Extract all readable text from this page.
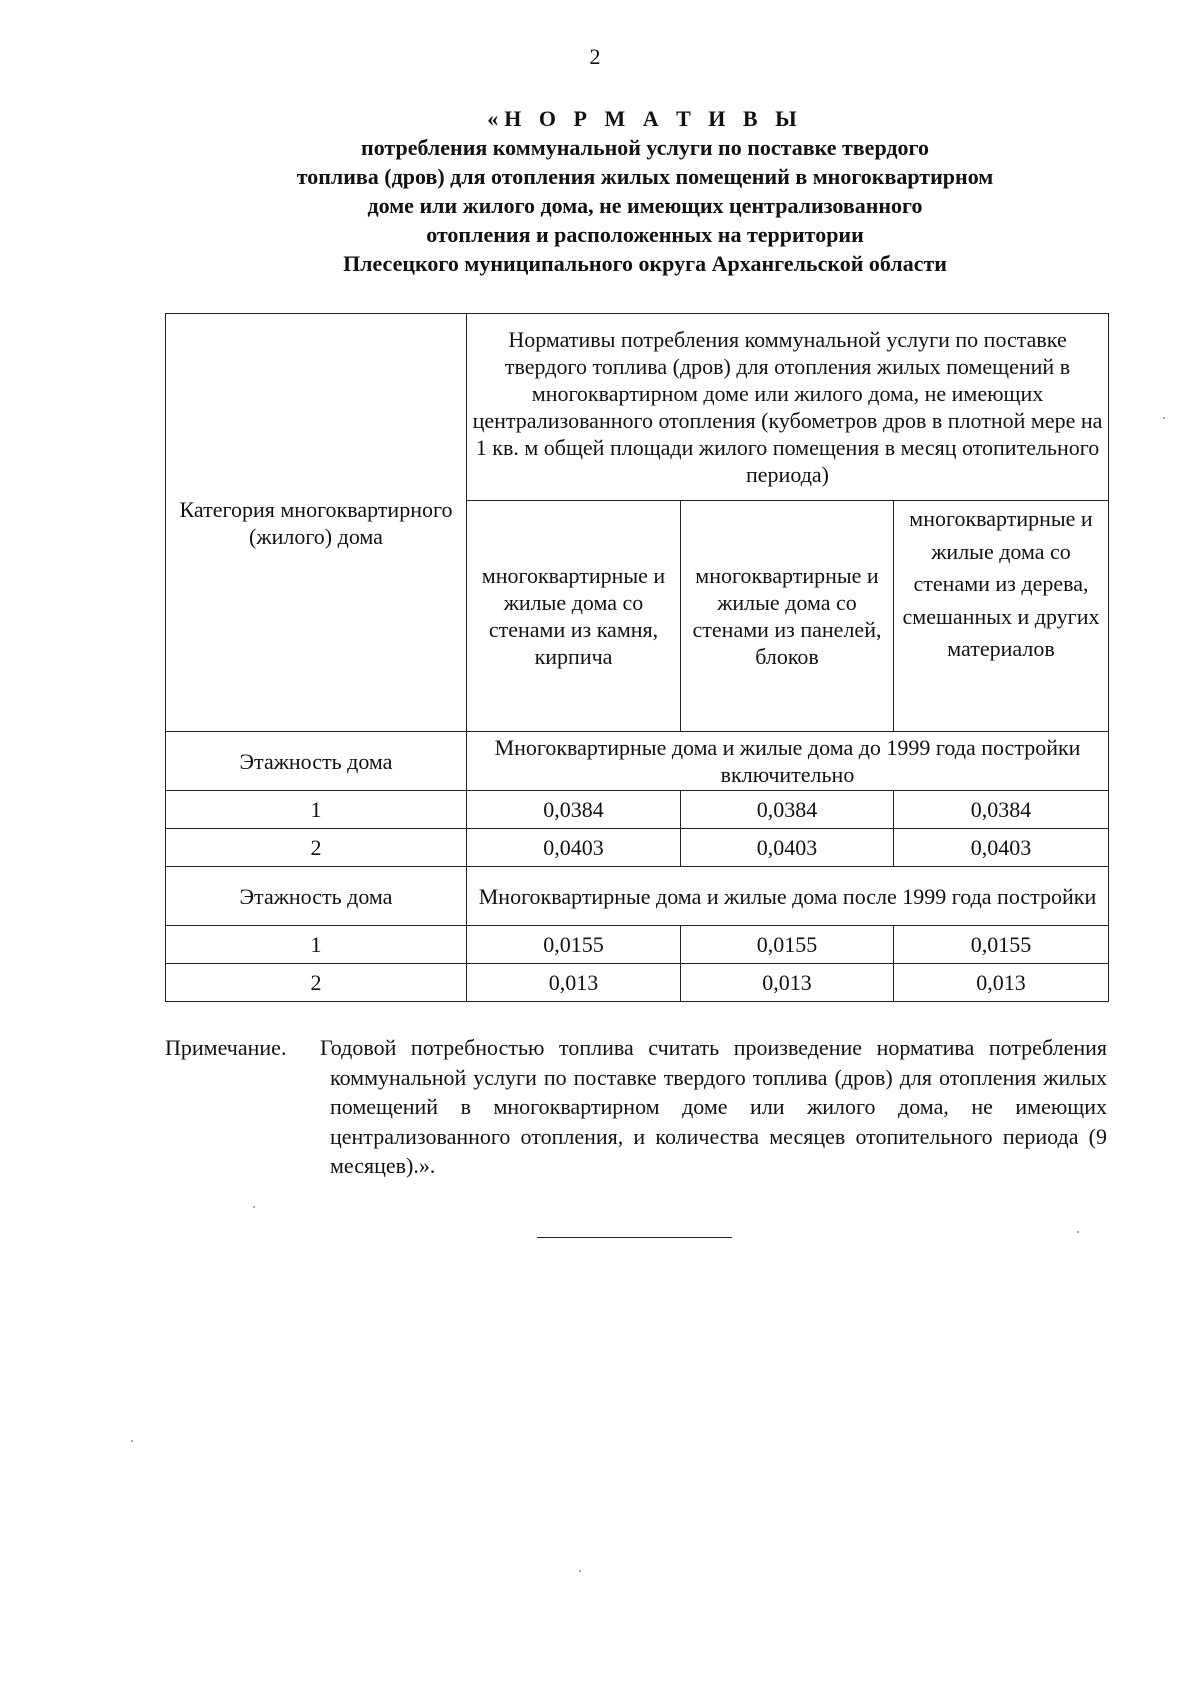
2
«Н О Р М А Т И В Ы
потребления коммунальной услуги по поставке твердого
топлива (дров) для отопления жилых помещений в многоквартирном
доме или жилого дома, не имеющих централизованного
отопления и расположенных на территории
Плесецкого муниципального округа Архангельской области
Категория многоквартирного (жилого) дома	Нормативы потребления коммунальной услуги по поставке твердого топлива (дров) для отопления жилых помещений в многоквартирном доме или жилого дома, не имеющих централизованного отопления (кубометров дров в плотной мере на 1 кв. м общей площади жилого помещения в месяц отопительного периода)		
	многоквартирные и жилые дома со стенами из камня, кирпича	многоквартирные и жилые дома со стенами из панелей, блоков	многоквартирные и жилые дома со стенами из дерева, смешанных и других материалов
Этажность дома	Многоквартирные дома и жилые дома до 1999 года постройки включительно		
1	0,0384	0,0384	0,0384
2	0,0403	0,0403	0,0403
Этажность дома	Многоквартирные дома и жилые дома после 1999 года постройки		
1	0,0155	0,0155	0,0155
2	0,013	0,013	0,013
Примечание. Годовой потребностью топлива считать произведение норматива потребления коммунальной услуги по поставке твердого топлива (дров) для отопления жилых помещений в многоквартирном доме или жилого дома, не имеющих централизованного отопления, и количества месяцев отопительного периода (9 месяцев).».
